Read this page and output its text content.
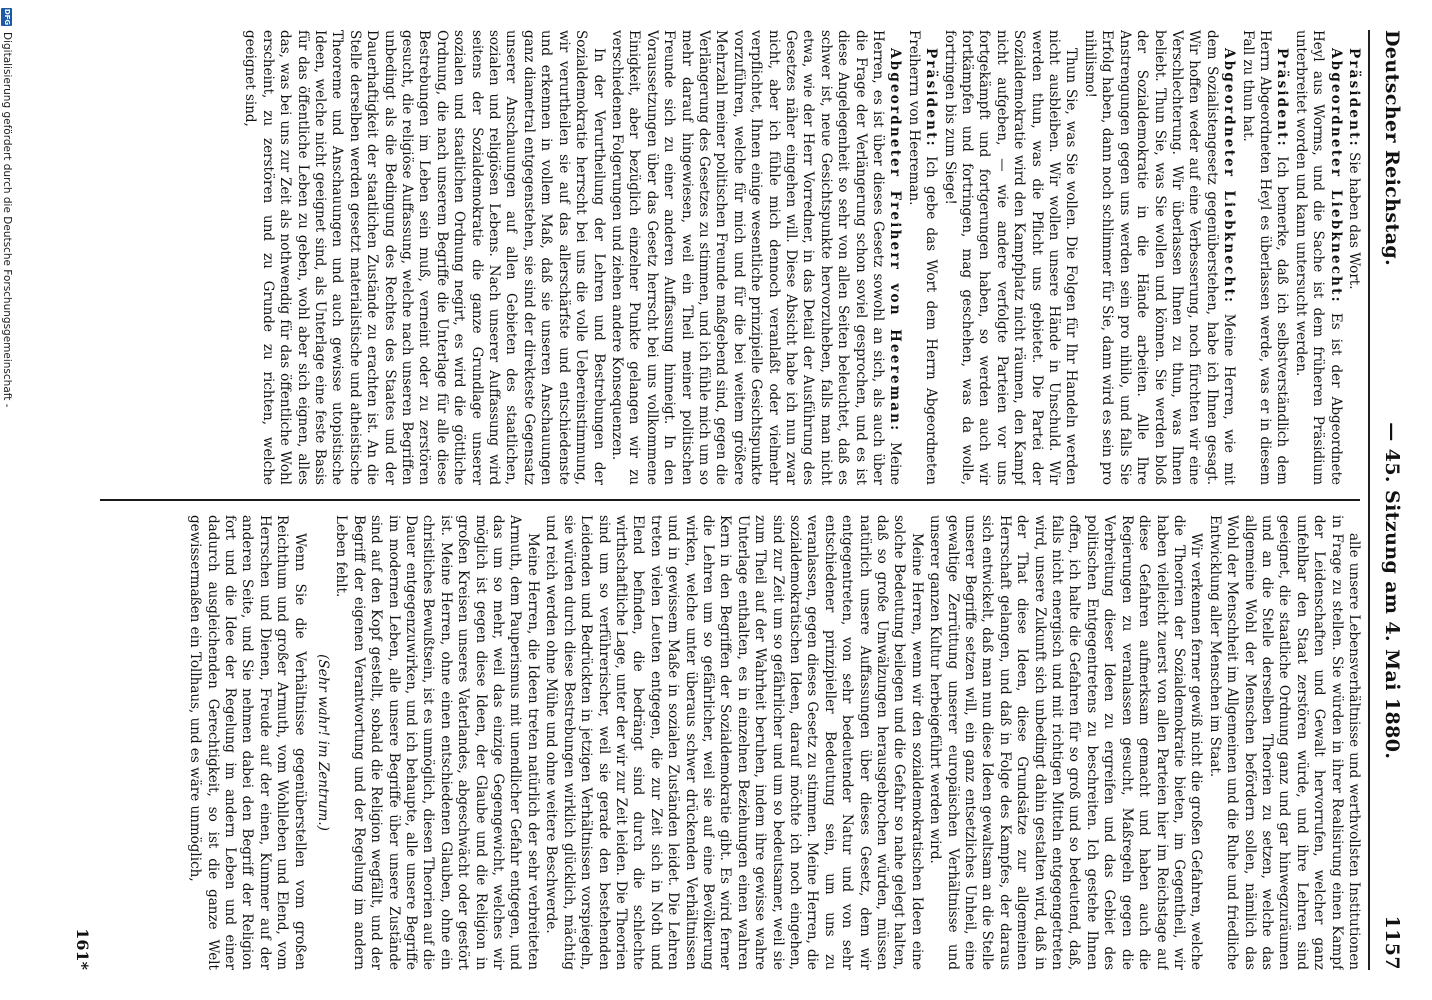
Deutscher Reichstag.
— 45. Sitzung am 4. Mai 1880.
1157

Präsident: Sie haben das Wort.

Abgeordneter Liebknecht: Es ist der Abgeordnete Heyl aus Worms, und die Sache ist dem früheren Präsidium unterbreitet worden und kann untersucht werden.

Präsident: Ich bemerke, daß ich selbstverständlich dem Herrn Abgeordneten Heyl es überlassen werde, was er in diesem Fall zu thun hat.

Abgeordneter Liebknecht: Meine Herren, wie mit dem Sozialistengesetz gegenüberstehen, habe ich Ihnen gesagt. Wir hoffen weder auf eine Verbesserung, noch fürchten wir eine Verschlechterung. Wir überlassen Ihnen zu thun, was Ihnen beliebt. Thun Sie, was Sie wollen und können. Sie werden bloß der Sozialdemokratie in die Hände arbeiten. Alle Ihre Anstrengungen gegen uns werden sein pro nihilo, und falls Sie Erfolg haben, dann noch schlimmer für Sie, dann wird es sein pro nihilismo!

Thun Sie, was Sie wollen. Die Folgen für Ihr Handeln werden nicht ausbleiben. Wir wollen unsere Hände in Unschuld. Wir werden thun, was die Pflicht uns gebietet. Die Partei der Sozialdemokratie wird den Kampfplatz nicht räumen, den Kampf nicht aufgeben, — wie andere verfolgte Parteien vor uns fortgekämpft und fortgerungen haben, so werden auch wir fortkämpfen und fortringen, mag geschehen, was da wolle, fortringen bis zum Siege!

Präsident: Ich gebe das Wort dem Herrn Abgeordneten Freiherrn von Heereman.

Abgeordneter Freiherr von Heereman: Meine Herren, es ist über dieses Gesetz sowohl an sich, als auch über die Frage der Verlängerung schon soviel gesprochen, und es ist diese Angelegenheit so sehr von allen Seiten beleuchtet, daß es schwer ist, neue Gesichtspunkte hervorzuheben, falls man nicht etwa, wie der Herr Vorredner, in das Detail der Ausführung des Gesetzes näher eingehen will. Diese Absicht habe ich nun zwar nicht, aber ich fühle mich dennoch veranlaßt oder vielmehr verpflichtet, Ihnen einige wesentliche prinzipielle Gesichtspunkte vorzuführen, welche für mich und für die bei weitem größere Mehrzahl meiner politischen Freunde maßgebend sind, gegen die Verlängerung des Gesetzes zu stimmen, und ich fühle mich um so mehr darauf hingewiesen, weil ein Theil meiner politischen Freunde sich zu einer anderen Auffassung hinneigt. In den Voraussetzungen über das Gesetz herrscht bei uns vollkommene Einigkeit, aber bezüglich einzelner Punkte gelangen wir zu verschiedenen Folgerungen und ziehen andere Konsequenzen.

In der Verurtheilung der Lehren und Bestrebungen der Sozialdemokratie herrscht bei uns die volle Uebereinstimmung, wir verurtheilen sie auf das allerschärfste und entschiedenste und erkennen in vollem Maß, daß sie unseren Anschauungen ganz diametral entgegenstehen, sie sind der direkteste Gegensatz unserer Anschauungen auf allen Gebieten des staatlichen, sozialen und religiösen Lebens. Nach unserer Auffassung wird seitens der Sozialdemokratie die ganze Grundlage unserer sozialen und staatlichen Ordnung negirt, es wird die göttliche Ordnung, die nach unserem Begriffe die Unterlage für alle diese Bestrebungen im Leben sein muß, verneint oder zu zerstören gesucht, die religiöse Auffassung, welche nach unseren Begriffen unbedingt als die Bedingung des Rechtes des Staates und der Dauerhaftigkeit der staatlichen Zustände zu erachten ist. An die Stelle derselben werden gesetzt materialistische und atheistische Theoreme und Anschauungen und auch gewisse utopistische Ideen, welche nicht geeignet sind, als Unterlage eine feste Basis für das öffentliche Leben zu geben, wohl aber sich eignen, alles das, was bei uns zur Zeit als nothwendig für das öffentliche Wohl erscheint, zu zerstören und zu Grunde zu richten, welche geeignet sind,

alle unsere Lebensverhältnisse und werthvollsten Institutionen in Frage zu stellen. Sie würden in ihrer Realisirung einen Kampf der Leidenschaften und Gewalt hervorrufen, welcher ganz unfehlbar den Staat zerstören würde, und ihre Lehren sind geeignet, die staatliche Ordnung ganz und gar hinwegzuräumen und an die Stelle derselben Theorien zu setzen, welche das allgemeine Wohl der Menschen befördern sollen, nämlich das Wohl der Menschheit im Allgemeinen und die Ruhe und friedliche Entwicklung aller Menschen im Staat.

Wir verkennen ferner gewiß nicht die großen Gefahren, welche die Theorien der Sozialdemokratie bieten, im Gegentheil, wir haben vielleicht zuerst von allen Parteien hier im Reichstage auf diese Gefahren aufmerksam gemacht und haben auch die Regierungen zu veranlassen gesucht, Maßregeln gegen die Verbreitung dieser Ideen zu ergreifen und das Gebiet des politischen Entgegentretens zu beschreiten. Ich gestehe Ihnen offen, ich halte die Gefahren für so groß und so bedeutend, daß, falls nicht energisch und mit richtigen Mitteln entgegengetreten wird, unsere Zukunft sich unbedingt dahin gestalten wird, daß in der That diese Ideen, diese Grundsätze zur allgemeinen Herrschaft gelangen, und daß in Folge des Kampfes, der daraus sich entwickelt, daß man nun diese Ideen gewaltsam an die Stelle unserer Begriffe setzen will, ein ganz entsetzliches Unheil, eine gewaltige Zerrüttung unserer europäischen Verhältnisse und unserer ganzen Kultur herbeigeführt werden wird.

Meine Herren, wenn wir den sozialdemokratischen Ideen eine solche Bedeutung beilegen und die Gefahr so nahe gelegt halten, daß so große Umwälzungen herausgebrochen würden, müssen natürlich unsere Auffassungen über dieses Gesetz, dem wir entgegentreten, von sehr bedeutender Natur und von sehr entschiedener prinzipieller Bedeutung sein, um uns zu veranlassen, gegen dieses Gesetz zu stimmen. Meine Herren, die sozialdemokratischen Ideen, darauf möchte ich noch eingehen, sind zur Zeit um so gefährlicher und um so bedeutsamer, weil sie zum Theil auf der Wahrheit beruhen, indem ihre gewisse wahre Unterlage enthalten, es in einzelnen Beziehungen einen wahren Kern in den Begriffen der Sozialdemokratie gibt. Es wird ferner die Lehren um so gefährlicher, weil sie auf eine Bevölkerung wirken, welche unter überaus schwer drückenden Verhältnissen und in gewissem Maße in sozialen Zuständen leidet. Die Lehren treten vielen Leuten entgegen, die zur Zeit sich in Noth und Elend befinden, die bedrängt sind durch die schlechte wirthschaftliche Lage, unter der wir zur Zeit leiden. Die Theorien sind um so verführerischer, weil sie gerade den bestehenden Leidenden und Bedrückten in jetzigen Verhältnissen vorspiegeln, sie würden durch diese Bestrebungen wirklich glücklich, mächtig und reich werden ohne Mühe und ohne weitere Beschwerde.

Meine Herren, die Ideen treten natürlich der sehr verbreiteten Armuth, dem Pauperismus mit unendlicher Gefahr entgegen, und das um so mehr, weil das einzige Gegengewicht, welches wir möglich ist gegen diese Ideen, der Glaube und die Religion in großen Kreisen unseres Vaterlandes, abgeschwächt oder gestört ist. Meine Herren, ohne einen entschiedenen Glauben, ohne ein christliches Bewußtsein, ist es unmöglich, diesen Theorien auf die Dauer entgegenzuwirken, und ich behaupte, alle unsere Begriffe im modernen Leben, alle unsere Begriffe über unsere Zustände sind auf den Kopf gestellt, sobald die Religion wegfällt, und der Begriff der eigenen Verantwortung und der Regelung im andern Leben fehlt.

(Sehr wahr! im Zentrum.)

Wenn Sie die Verhältnisse gegenüberstellen vom großen Reichthum und großer Armuth, vom Wohlleben und Elend, vom Herrschen und Dienen, Freude auf der einen, Kummer auf der anderen Seite, und Sie nehmen dabei den Begriff der Religion fort und die Idee der Regelung im andern Leben und einer dadurch ausgleichenden Gerechtigkeit, so ist die ganze Welt gewissermaßen ein Tollhaus, und es wäre unmöglich,

161*
DFG
Digitalisierung gefördert durch die Deutsche Forschungsgemeinschaft -
